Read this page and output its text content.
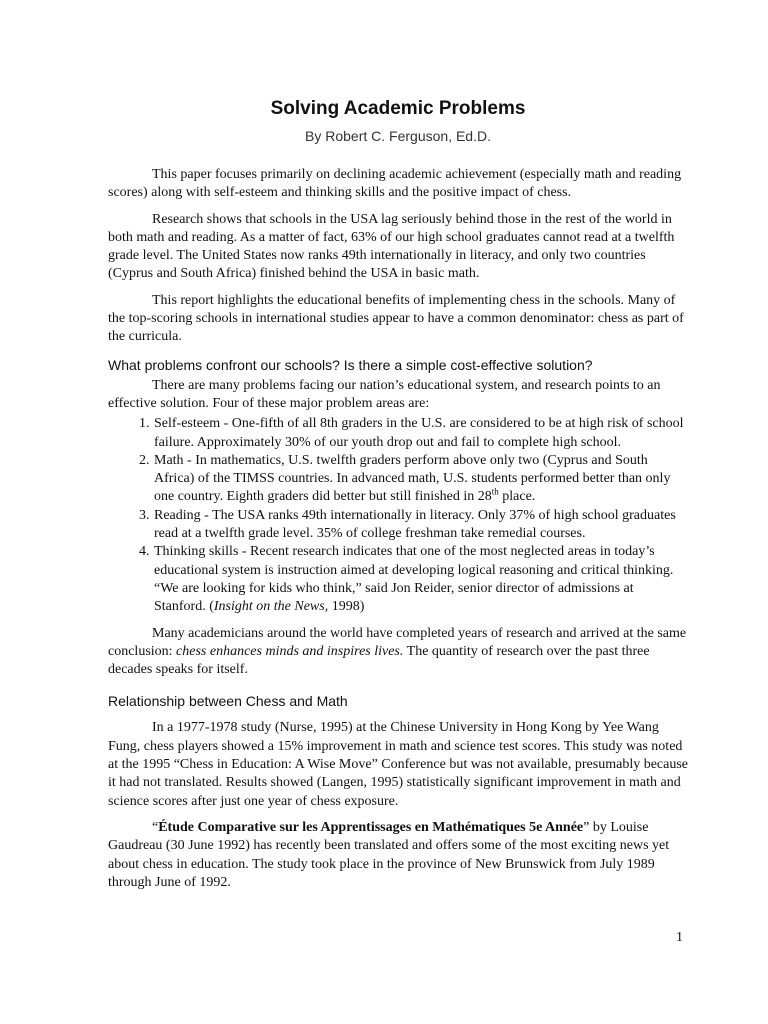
Solving Academic Problems
By Robert C. Ferguson, Ed.D.

This paper focuses primarily on declining academic achievement (especially math and reading scores) along with self-esteem and thinking skills and the positive impact of chess.

Research shows that schools in the USA lag seriously behind those in the rest of the world in both math and reading. As a matter of fact, 63% of our high school graduates cannot read at a twelfth grade level. The United States now ranks 49th internationally in literacy, and only two countries (Cyprus and South Africa) finished behind the USA in basic math.

This report highlights the educational benefits of implementing chess in the schools. Many of the top-scoring schools in international studies appear to have a common denominator: chess as part of the curricula.

What problems confront our schools? Is there a simple cost-effective solution?

There are many problems facing our nation’s educational system, and research points to an effective solution. Four of these major problem areas are:

1. Self-esteem - One-fifth of all 8th graders in the U.S. are considered to be at high risk of school failure. Approximately 30% of our youth drop out and fail to complete high school.
2. Math - In mathematics, U.S. twelfth graders perform above only two (Cyprus and South Africa) of the TIMSS countries. In advanced math, U.S. students performed better than only one country. Eighth graders did better but still finished in 28th place.
3. Reading - The USA ranks 49th internationally in literacy. Only 37% of high school graduates read at a twelfth grade level. 35% of college freshman take remedial courses.
4. Thinking skills - Recent research indicates that one of the most neglected areas in today’s educational system is instruction aimed at developing logical reasoning and critical thinking. “We are looking for kids who think,” said Jon Reider, senior director of admissions at Stanford. (Insight on the News, 1998)

Many academicians around the world have completed years of research and arrived at the same conclusion: chess enhances minds and inspires lives. The quantity of research over the past three decades speaks for itself.

Relationship between Chess and Math

In a 1977-1978 study (Nurse, 1995) at the Chinese University in Hong Kong by Yee Wang Fung, chess players showed a 15% improvement in math and science test scores. This study was noted at the 1995 “Chess in Education: A Wise Move” Conference but was not available, presumably because it had not translated. Results showed (Langen, 1995) statistically significant improvement in math and science scores after just one year of chess exposure.

“Étude Comparative sur les Apprentissages en Mathématiques 5e Année” by Louise Gaudreau (30 June 1992) has recently been translated and offers some of the most exciting news yet about chess in education. The study took place in the province of New Brunswick from July 1989 through June of 1992.

1
